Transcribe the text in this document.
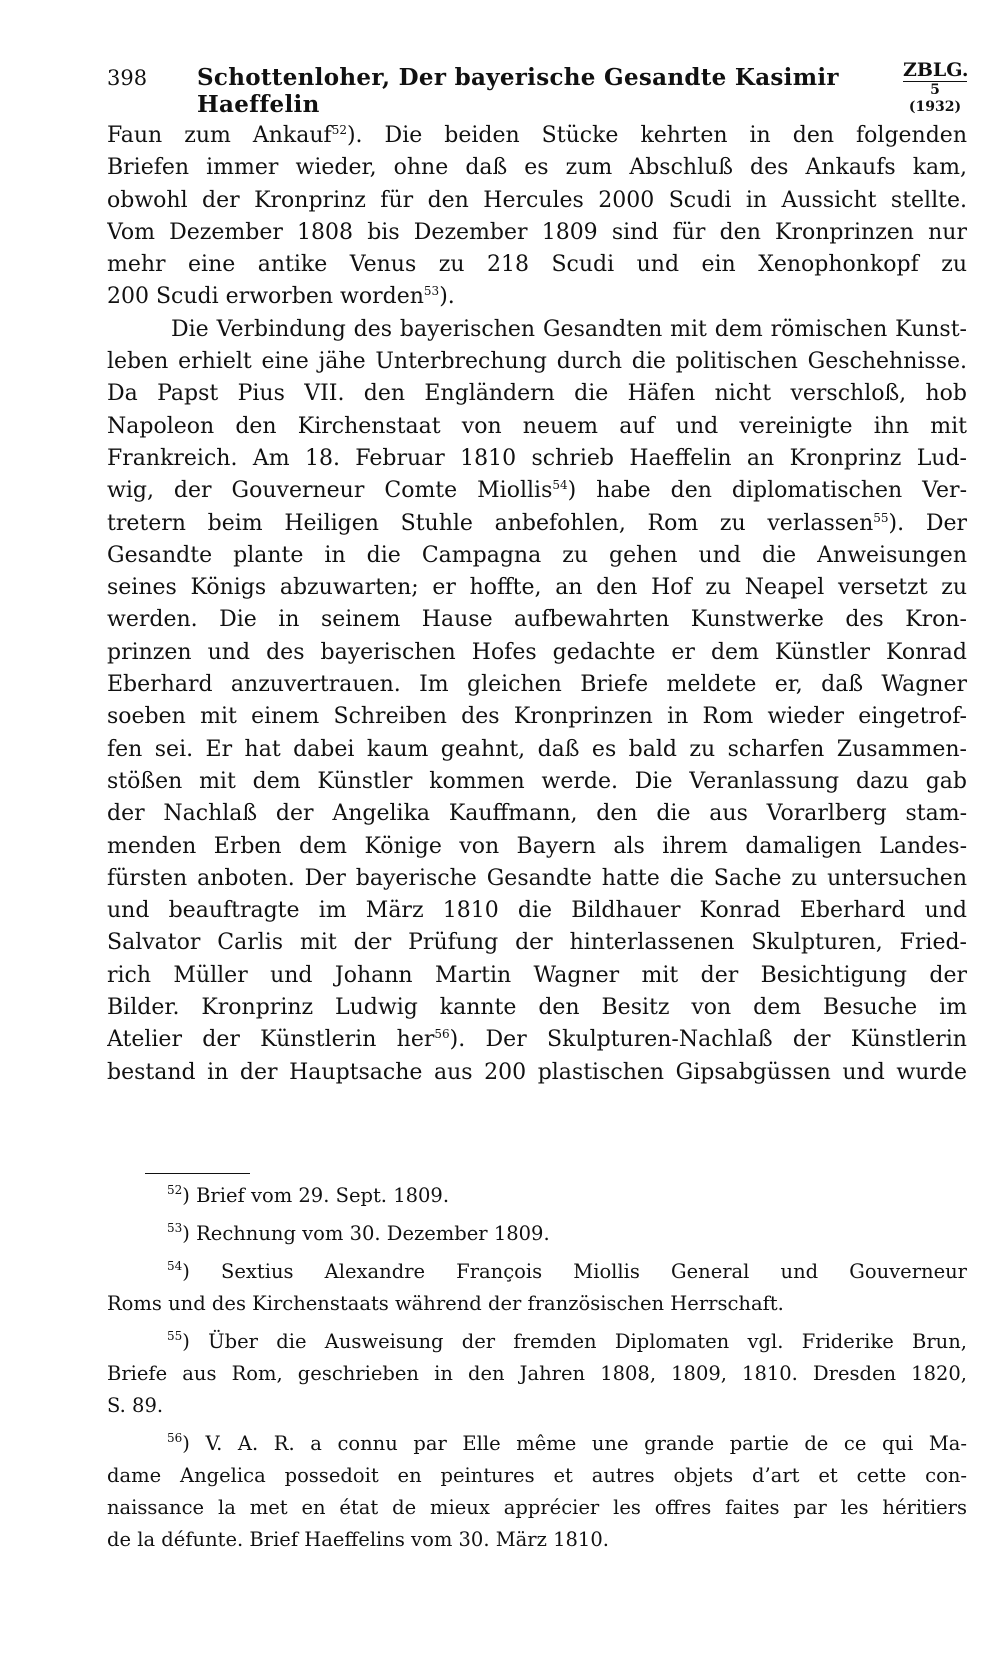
398 Schottenloher, Der bayerische Gesandte Kasimir Haeffelin
ZBLG.
5 (1932)
Faun zum Ankauf$^{52}$). Die beiden Stücke kehrten in den folgenden
Briefen immer wieder, ohne daß es zum Abschluß des Ankaufs kam,
obwohl der Kronprinz für den Hercules 2000 Scudi in Aussicht stellte.
Vom Dezember 1808 bis Dezember 1809 sind für den Kronprinzen nur
mehr eine antike Venus zu 218 Scudi und ein Xenophonkopf zu
200 Scudi erworben worden$^{53}$).
Die Verbindung des bayerischen Gesandten mit dem römischen Kunst-
leben erhielt eine jähe Unterbrechung durch die politischen Geschehnisse.
Da Papst Pius VII. den Engländern die Häfen nicht verschloß, hob
Napoleon den Kirchenstaat von neuem auf und vereinigte ihn mit
Frankreich. Am 18. Februar 1810 schrieb Haeffelin an Kronprinz Lud-
wig, der Gouverneur Comte Miollis$^{54}$) habe den diplomatischen Ver-
tretern beim Heiligen Stuhle anbefohlen, Rom zu verlassen$^{55}$). Der
Gesandte plante in die Campagna zu gehen und die Anweisungen
seines Königs abzuwarten; er hoffte, an den Hof zu Neapel versetzt zu
werden. Die in seinem Hause aufbewahrten Kunstwerke des Kron-
prinzen und des bayerischen Hofes gedachte er dem Künstler Konrad
Eberhard anzuvertrauen. Im gleichen Briefe meldete er, daß Wagner
soeben mit einem Schreiben des Kronprinzen in Rom wieder eingetrof-
fen sei. Er hat dabei kaum geahnt, daß es bald zu scharfen Zusammen-
stößen mit dem Künstler kommen werde. Die Veranlassung dazu gab
der Nachlaß der Angelika Kauffmann, den die aus Vorarlberg stam-
menden Erben dem Könige von Bayern als ihrem damaligen Landes-
fürsten anboten. Der bayerische Gesandte hatte die Sache zu untersuchen
und beauftragte im März 1810 die Bildhauer Konrad Eberhard und
Salvator Carlis mit der Prüfung der hinterlassenen Skulpturen, Fried-
rich Müller und Johann Martin Wagner mit der Besichtigung der
Bilder. Kronprinz Ludwig kannte den Besitz von dem Besuche im
Atelier der Künstlerin her$^{56}$). Der Skulpturen-Nachlaß der Künstlerin
bestand in der Hauptsache aus 200 plastischen Gipsabgüssen und wurde
$^{52}$) Brief vom 29. Sept. 1809.
$^{53}$) Rechnung vom 30. Dezember 1809.
$^{54}$) Sextius Alexandre François Miollis General und Gouverneur
Roms und des Kirchenstaats während der französischen Herrschaft.
$^{55}$) Über die Ausweisung der fremden Diplomaten vgl. Friderike Brun,
Briefe aus Rom, geschrieben in den Jahren 1808, 1809, 1810. Dresden 1820,
S. 89.
$^{56}$) V. A. R. a connu par Elle même une grande partie de ce qui Ma-
dame Angelica possedoit en peintures et autres objets d’art et cette con-
naissance la met en état de mieux apprécier les offres faites par les héritiers
de la défunte. Brief Haeffelins vom 30. März 1810.
